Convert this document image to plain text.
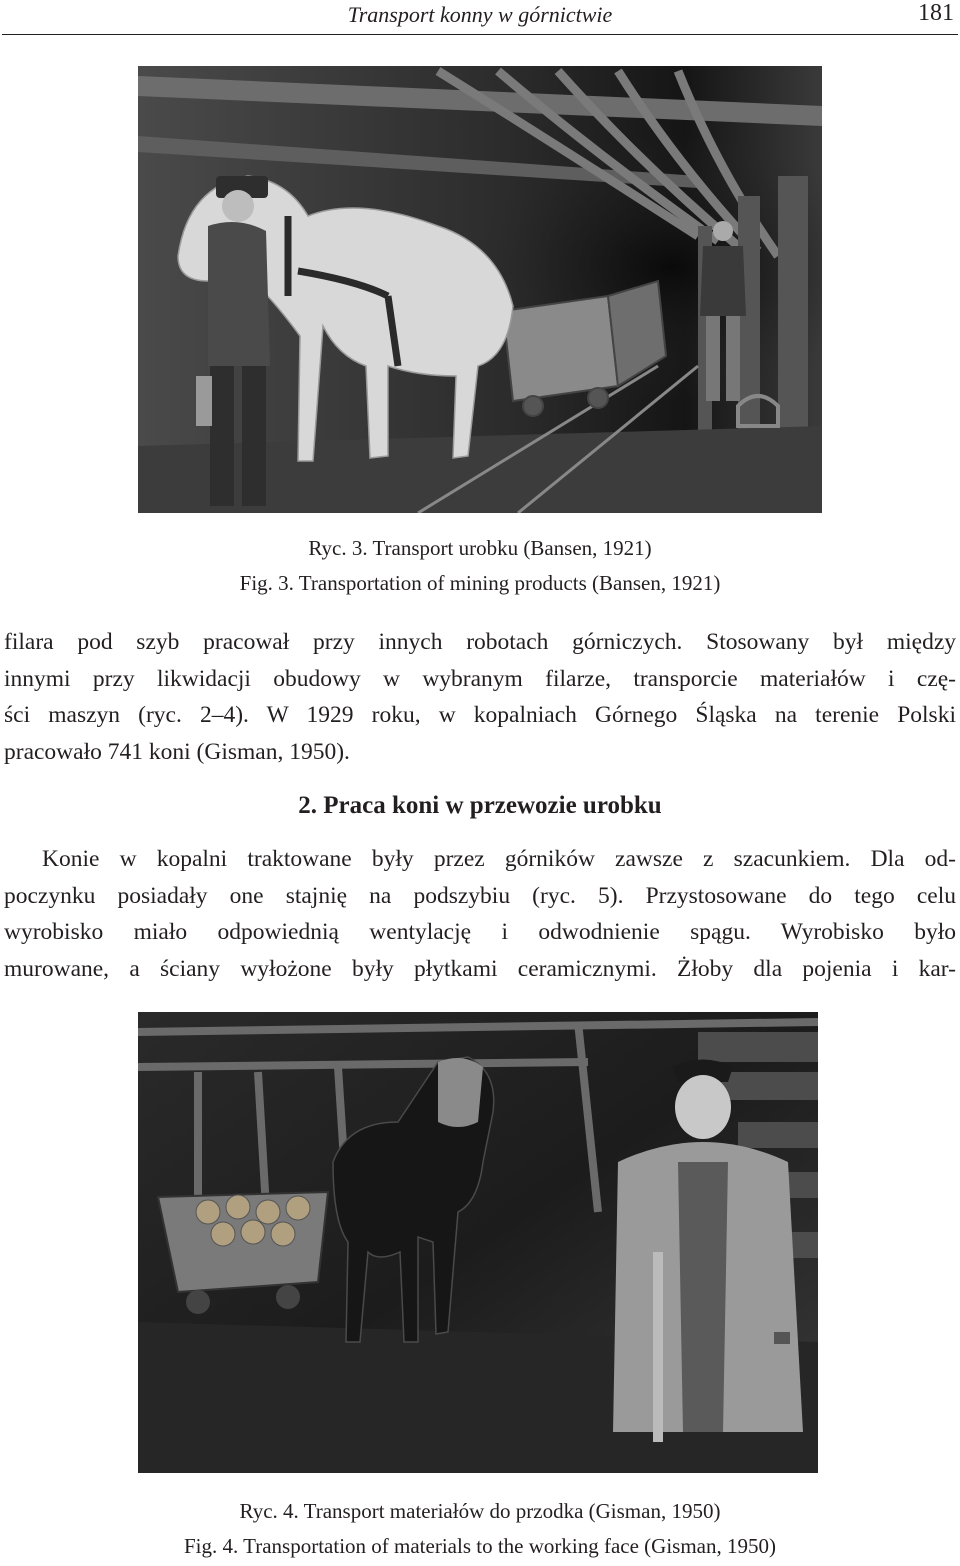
Transport konny w górnictwie	181
Ryc. 3. Transport urobku (Bansen, 1921)
Fig. 3. Transportation of mining products (Bansen, 1921)
filara pod szyb pracował przy innych robotach górniczych. Stosowany był między
innymi przy likwidacji obudowy w wybranym filarze, transporcie materiałów i czę-
ści maszyn (ryc. 2–4). W 1929 roku, w kopalniach Górnego Śląska na terenie Polski
pracowało 741 koni (Gisman, 1950).
2. Praca koni w przewozie urobku
Konie w kopalni traktowane były przez górników zawsze z szacunkiem. Dla od-
poczynku posiadały one stajnię na podszybiu (ryc. 5). Przystosowane do tego celu
wyrobisko miało odpowiednią wentylację i odwodnienie spągu. Wyrobisko było
murowane, a ściany wyłożone były płytkami ceramicznymi. Żłoby dla pojenia i kar-
Ryc. 4. Transport materiałów do przodka (Gisman, 1950)
Fig. 4. Transportation of materials to the working face (Gisman, 1950)
